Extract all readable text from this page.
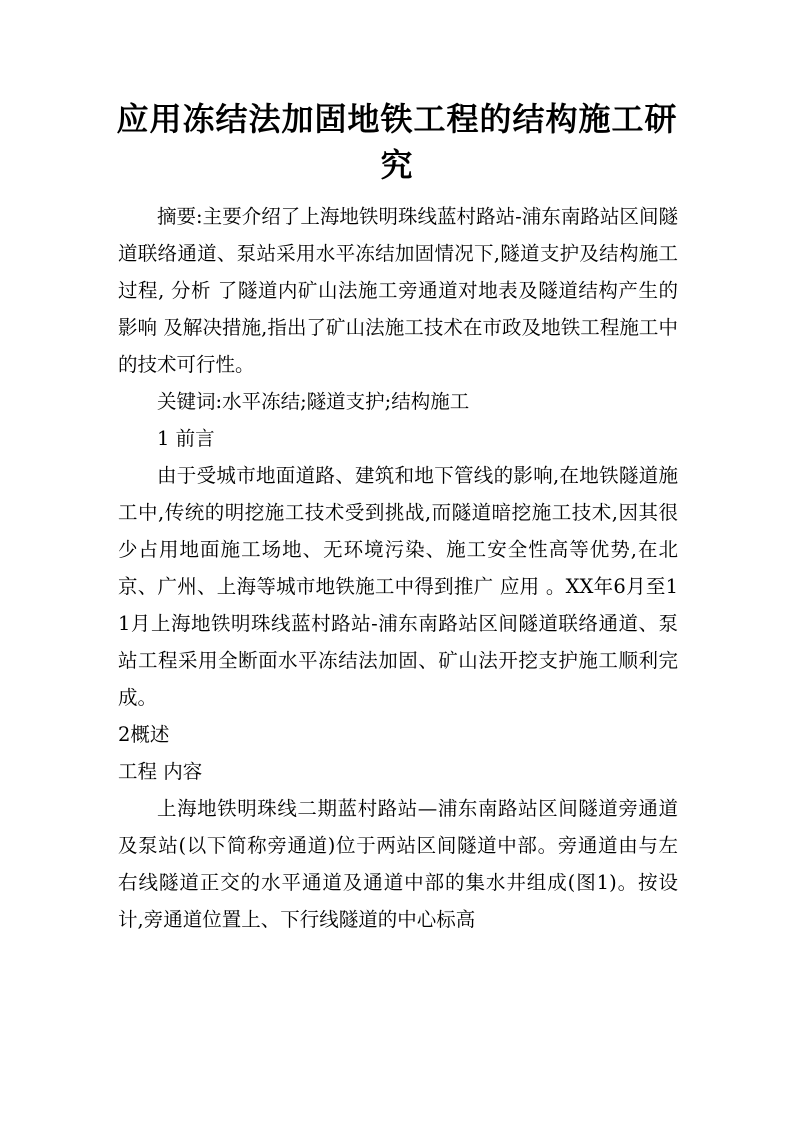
应用冻结法加固地铁工程的结构施工研究

摘要:主要介绍了上海地铁明珠线蓝村路站-浦东南路站区间隧道联络通道、泵站采用水平冻结加固情况下,隧道支护及结构施工过程, 分析 了隧道内矿山法施工旁通道对地表及隧道结构产生的 影响 及解决措施,指出了矿山法施工技术在市政及地铁工程施工中的技术可行性。

关键词:水平冻结;隧道支护;结构施工

1 前言

由于受城市地面道路、建筑和地下管线的影响,在地铁隧道施工中,传统的明挖施工技术受到挑战,而隧道暗挖施工技术,因其很少占用地面施工场地、无环境污染、施工安全性高等优势,在北京、广州、上海等城市地铁施工中得到推广 应用 。XX年6月至11月上海地铁明珠线蓝村路站-浦东南路站区间隧道联络通道、泵站工程采用全断面水平冻结法加固、矿山法开挖支护施工顺利完成。

2概述

工程 内容

上海地铁明珠线二期蓝村路站—浦东南路站区间隧道旁通道及泵站(以下简称旁通道)位于两站区间隧道中部。旁通道由与左右线隧道正交的水平通道及通道中部的集水井组成(图1)。按设计,旁通道位置上、下行线隧道的中心标高
